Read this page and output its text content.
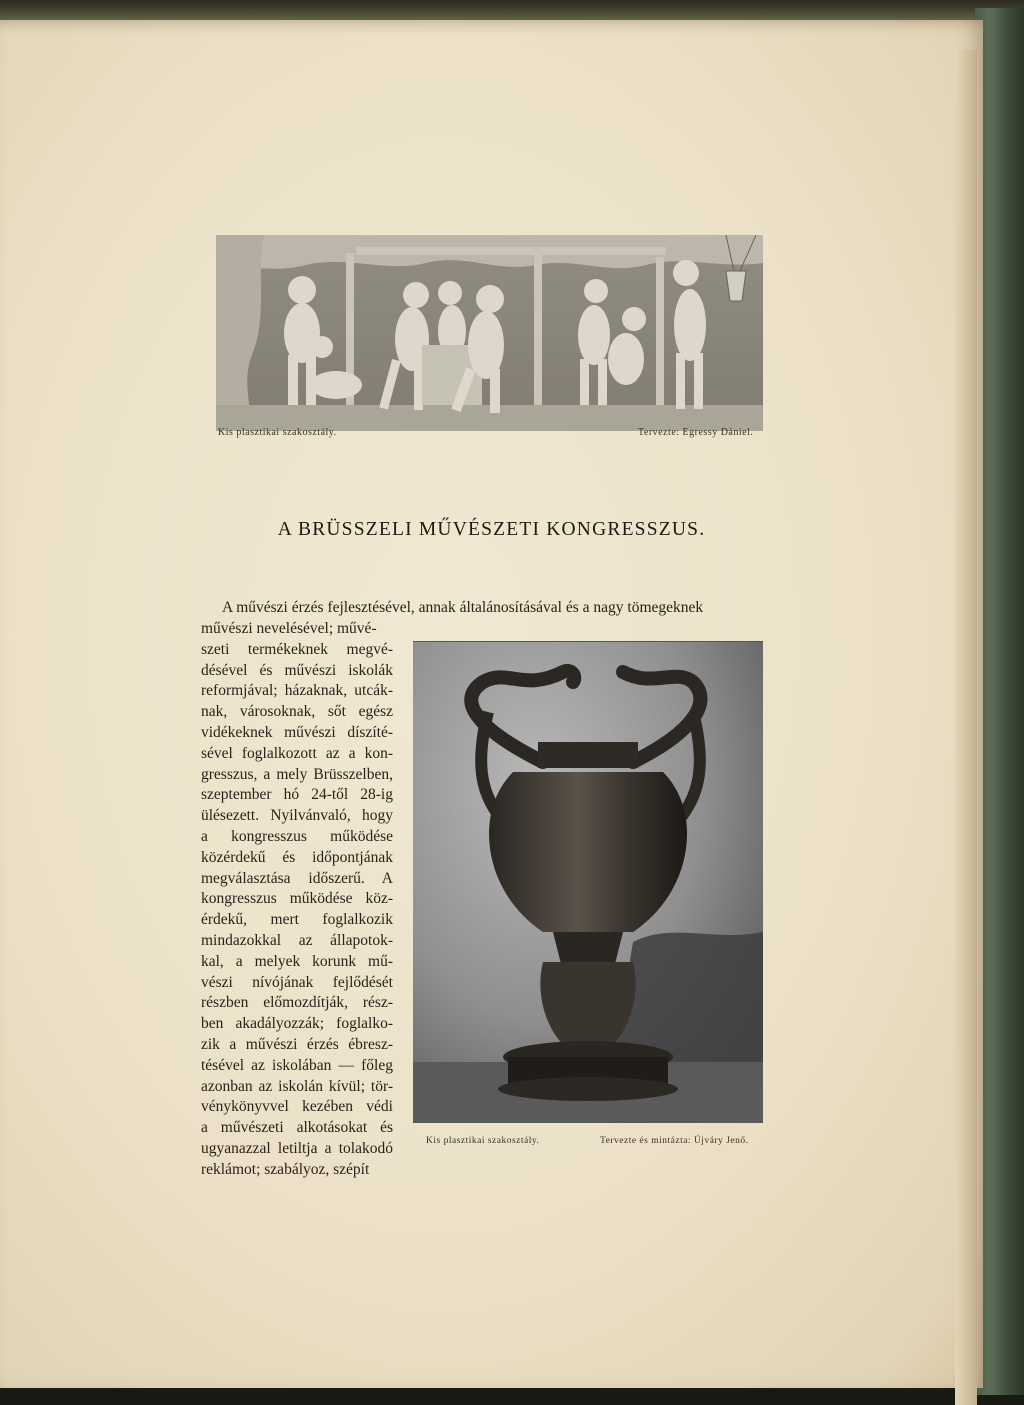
Kis plasztikai szakosztály.	Tervezte: Egressy Dániel.
A BRÜSSZELI MŰVÉSZETI KONGRESSZUS.

A művészi érzés fejlesztésével, annak általánosításával és a nagy tömegeknek

művészi nevelésével; művé-
szeti termékeknek megvé-
désével és művészi iskolák
reformjával; házaknak, utcák-
nak, városoknak, sőt egész
vidékeknek művészi díszíté-
sével foglalkozott az a kon-
gresszus, a mely Brüsszelben,
szeptember hó 24-től 28-ig
ülésezett. Nyilvánvaló, hogy
a kongresszus működése
közérdekű és időpontjának
megválasztása időszerű. A
kongresszus működése köz-
érdekű, mert foglalkozik
mindazokkal az állapotok-
kal, a melyek korunk mű-
vészi nívójának fejlődését
részben előmozdítják, rész-
ben akadályozzák; foglalko-
zik a művészi érzés ébresz-
tésével az iskolában — főleg
azonban az iskolán kívül; tör-
vénykönyvvel kezében védi
a művészeti alkotásokat és
ugyanazzal letiltja a tolakodó
reklámot; szabályoz, szépít
Kis plasztikai szakosztály.	Tervezte és mintázta: Újváry Jenő.
